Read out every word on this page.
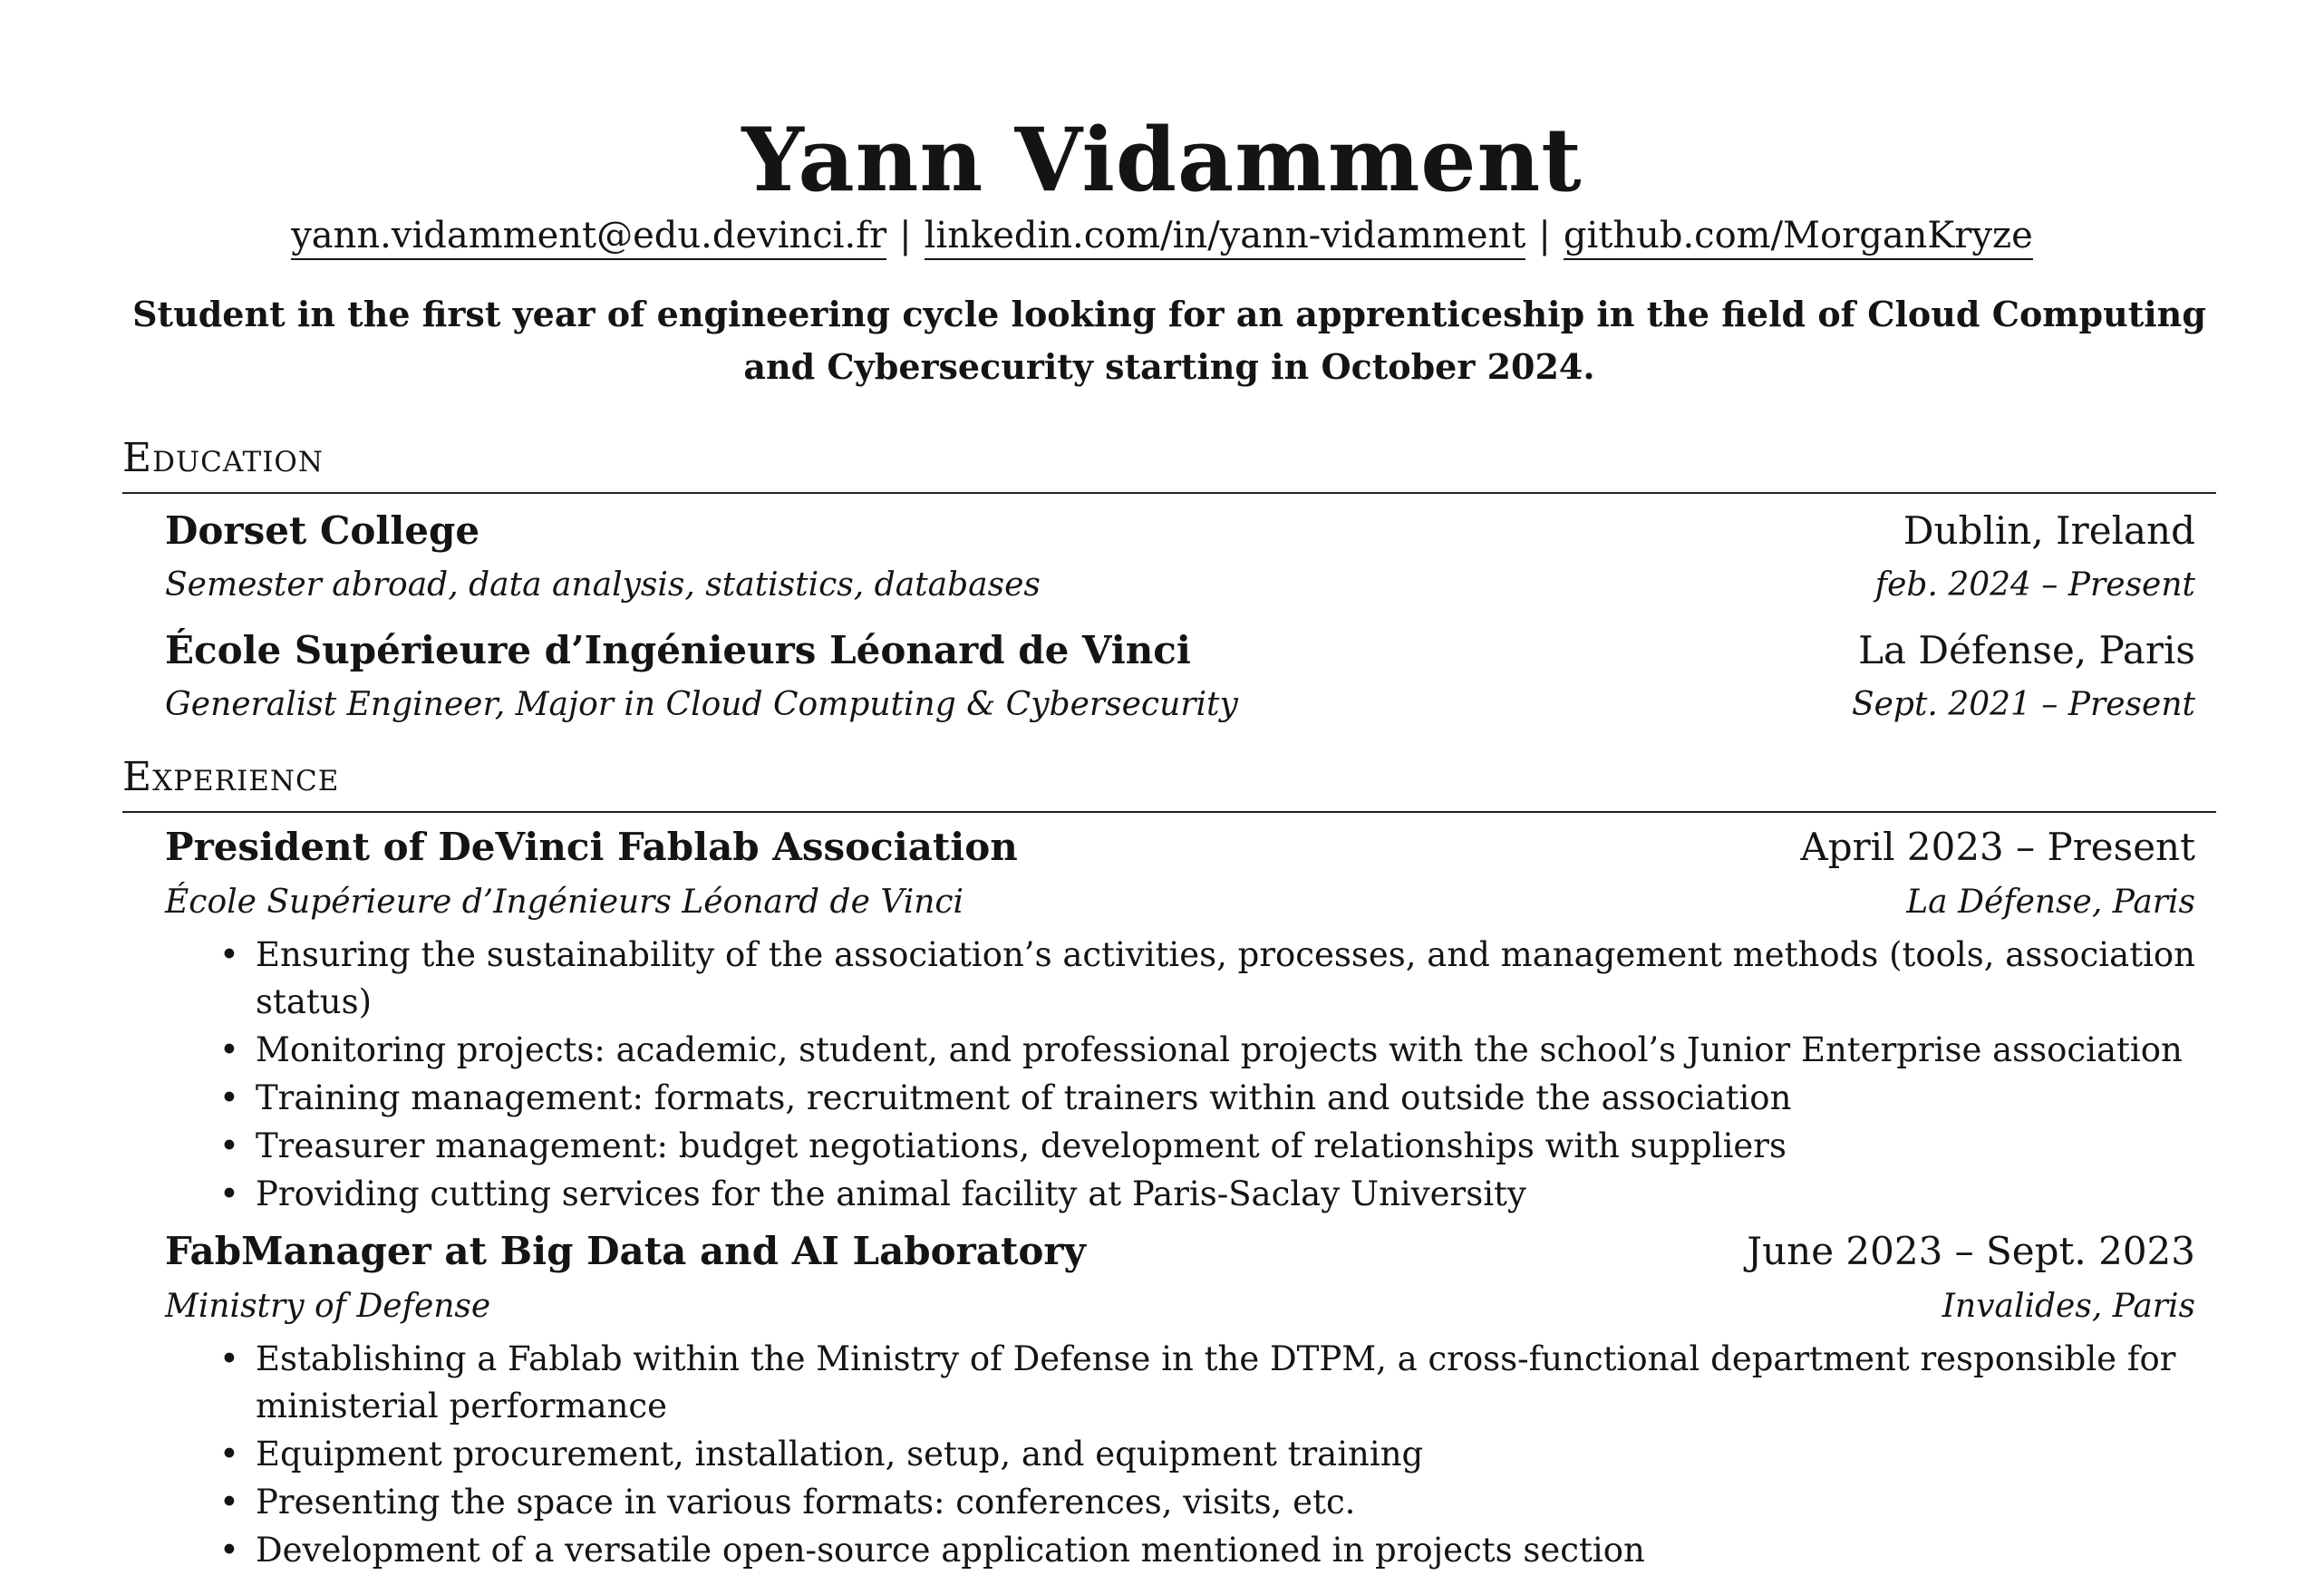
Yann Vidamment
yann.vidamment@edu.devinci.fr | linkedin.com/in/yann-vidamment | github.com/MorganKryze
Student in the first year of engineering cycle looking for an apprenticeship in the field of Cloud Computing and Cybersecurity starting in October 2024.
Education
Dorset College	Dublin, Ireland
Semester abroad, data analysis, statistics, databases	feb. 2024 – Present
École Supérieure d’Ingénieurs Léonard de Vinci	La Défense, Paris
Generalist Engineer, Major in Cloud Computing & Cybersecurity	Sept. 2021 – Present
Experience
President of DeVinci Fablab Association	April 2023 – Present
École Supérieure d’Ingénieurs Léonard de Vinci	La Défense, Paris
• Ensuring the sustainability of the association’s activities, processes, and management methods (tools, association status)
• Monitoring projects: academic, student, and professional projects with the school’s Junior Enterprise association
• Training management: formats, recruitment of trainers within and outside the association
• Treasurer management: budget negotiations, development of relationships with suppliers
• Providing cutting services for the animal facility at Paris-Saclay University
FabManager at Big Data and AI Laboratory	June 2023 – Sept. 2023
Ministry of Defense	Invalides, Paris
• Establishing a Fablab within the Ministry of Defense in the DTPM, a cross-functional department responsible for ministerial performance
• Equipment procurement, installation, setup, and equipment training
• Presenting the space in various formats: conferences, visits, etc.
• Development of a versatile open-source application mentioned in projects section
